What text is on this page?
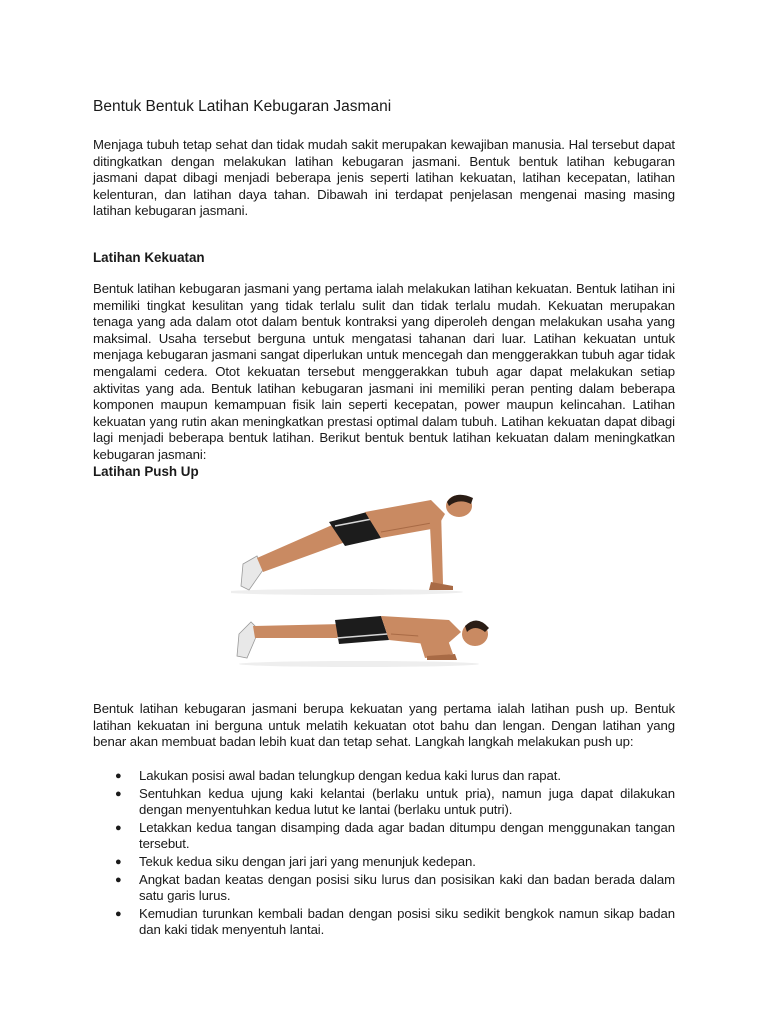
Bentuk Bentuk Latihan Kebugaran Jasmani

Menjaga tubuh tetap sehat dan tidak mudah sakit merupakan kewajiban manusia. Hal tersebut dapat ditingkatkan dengan melakukan latihan kebugaran jasmani. Bentuk bentuk latihan kebugaran jasmani dapat dibagi menjadi beberapa jenis seperti latihan kekuatan, latihan kecepatan, latihan kelenturan, dan latihan daya tahan. Dibawah ini terdapat penjelasan mengenai masing masing latihan kebugaran jasmani.

Latihan Kekuatan

Bentuk latihan kebugaran jasmani yang pertama ialah melakukan latihan kekuatan. Bentuk latihan ini memiliki tingkat kesulitan yang tidak terlalu sulit dan tidak terlalu mudah. Kekuatan merupakan tenaga yang ada dalam otot dalam bentuk kontraksi yang diperoleh dengan melakukan usaha yang maksimal. Usaha tersebut berguna untuk mengatasi tahanan dari luar. Latihan kekuatan untuk menjaga kebugaran jasmani sangat diperlukan untuk mencegah dan menggerakkan tubuh agar tidak mengalami cedera. Otot kekuatan tersebut menggerakkan tubuh agar dapat melakukan setiap aktivitas yang ada. Bentuk latihan kebugaran jasmani ini memiliki peran penting dalam beberapa komponen maupun kemampuan fisik lain seperti kecepatan, power maupun kelincahan. Latihan kekuatan yang rutin akan meningkatkan prestasi optimal dalam tubuh. Latihan kekuatan dapat dibagi lagi menjadi beberapa bentuk latihan. Berikut bentuk bentuk latihan kekuatan dalam meningkatkan kebugaran jasmani:

Latihan Push Up

Bentuk latihan kebugaran jasmani berupa kekuatan yang pertama ialah latihan push up. Bentuk latihan kekuatan ini berguna untuk melatih kekuatan otot bahu dan lengan. Dengan latihan yang benar akan membuat badan lebih kuat dan tetap sehat. Langkah langkah melakukan push up:

● Lakukan posisi awal badan telungkup dengan kedua kaki lurus dan rapat.
● Sentuhkan kedua ujung kaki kelantai (berlaku untuk pria), namun juga dapat dilakukan dengan menyentuhkan kedua lutut ke lantai (berlaku untuk putri).
● Letakkan kedua tangan disamping dada agar badan ditumpu dengan menggunakan tangan tersebut.
● Tekuk kedua siku dengan jari jari yang menunjuk kedepan.
● Angkat badan keatas dengan posisi siku lurus dan posisikan kaki dan badan berada dalam satu garis lurus.
● Kemudian turunkan kembali badan dengan posisi siku sedikit bengkok namun sikap badan dan kaki tidak menyentuh lantai.
